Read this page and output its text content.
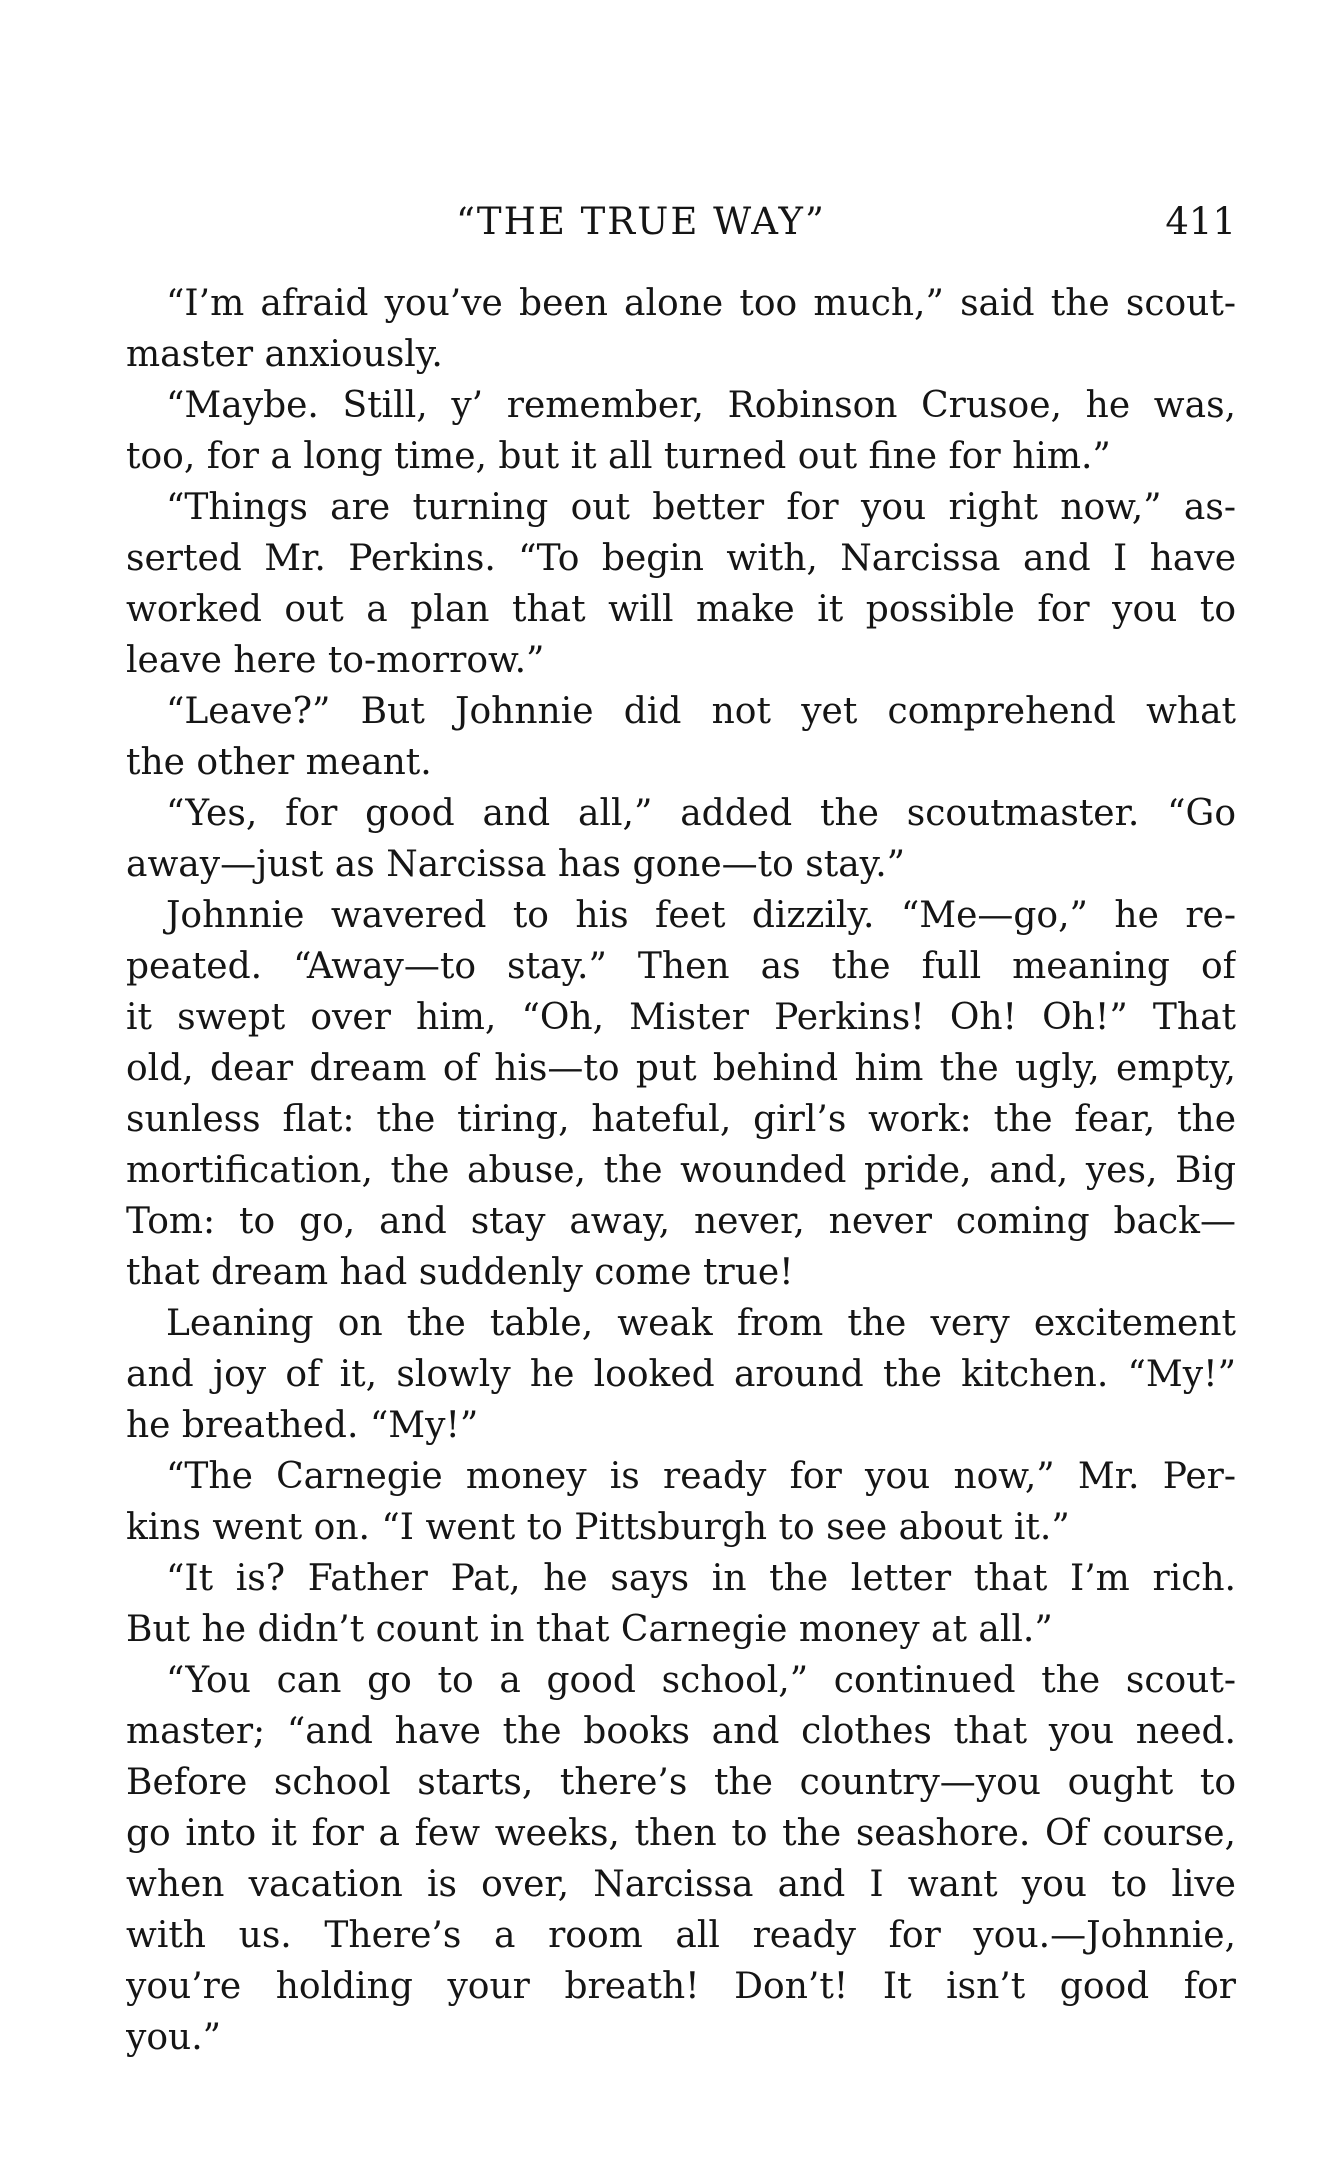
“THE TRUE WAY”	411
“I’m afraid you’ve been alone too much,” said the scout-
master anxiously.
“Maybe. Still, y’ remember, Robinson Crusoe, he was,
too, for a long time, but it all turned out fine for him.”
“Things are turning out better for you right now,” as-
serted Mr. Perkins. “To begin with, Narcissa and I have
worked out a plan that will make it possible for you to
leave here to-morrow.”
“Leave?” But Johnnie did not yet comprehend what
the other meant.
“Yes, for good and all,” added the scoutmaster. “Go
away—just as Narcissa has gone—to stay.”
Johnnie wavered to his feet dizzily. “Me—go,” he re-
peated. “Away—to stay.” Then as the full meaning of
it swept over him, “Oh, Mister Perkins! Oh! Oh!” That
old, dear dream of his—to put behind him the ugly, empty,
sunless flat: the tiring, hateful, girl’s work: the fear, the
mortification, the abuse, the wounded pride, and, yes, Big
Tom: to go, and stay away, never, never coming back—
that dream had suddenly come true!
Leaning on the table, weak from the very excitement
and joy of it, slowly he looked around the kitchen. “My!”
he breathed. “My!”
“The Carnegie money is ready for you now,” Mr. Per-
kins went on. “I went to Pittsburgh to see about it.”
“It is? Father Pat, he says in the letter that I’m rich.
But he didn’t count in that Carnegie money at all.”
“You can go to a good school,” continued the scout-
master; “and have the books and clothes that you need.
Before school starts, there’s the country—you ought to
go into it for a few weeks, then to the seashore. Of course,
when vacation is over, Narcissa and I want you to live
with us. There’s a room all ready for you.—Johnnie,
you’re holding your breath! Don’t! It isn’t good for
you.”
